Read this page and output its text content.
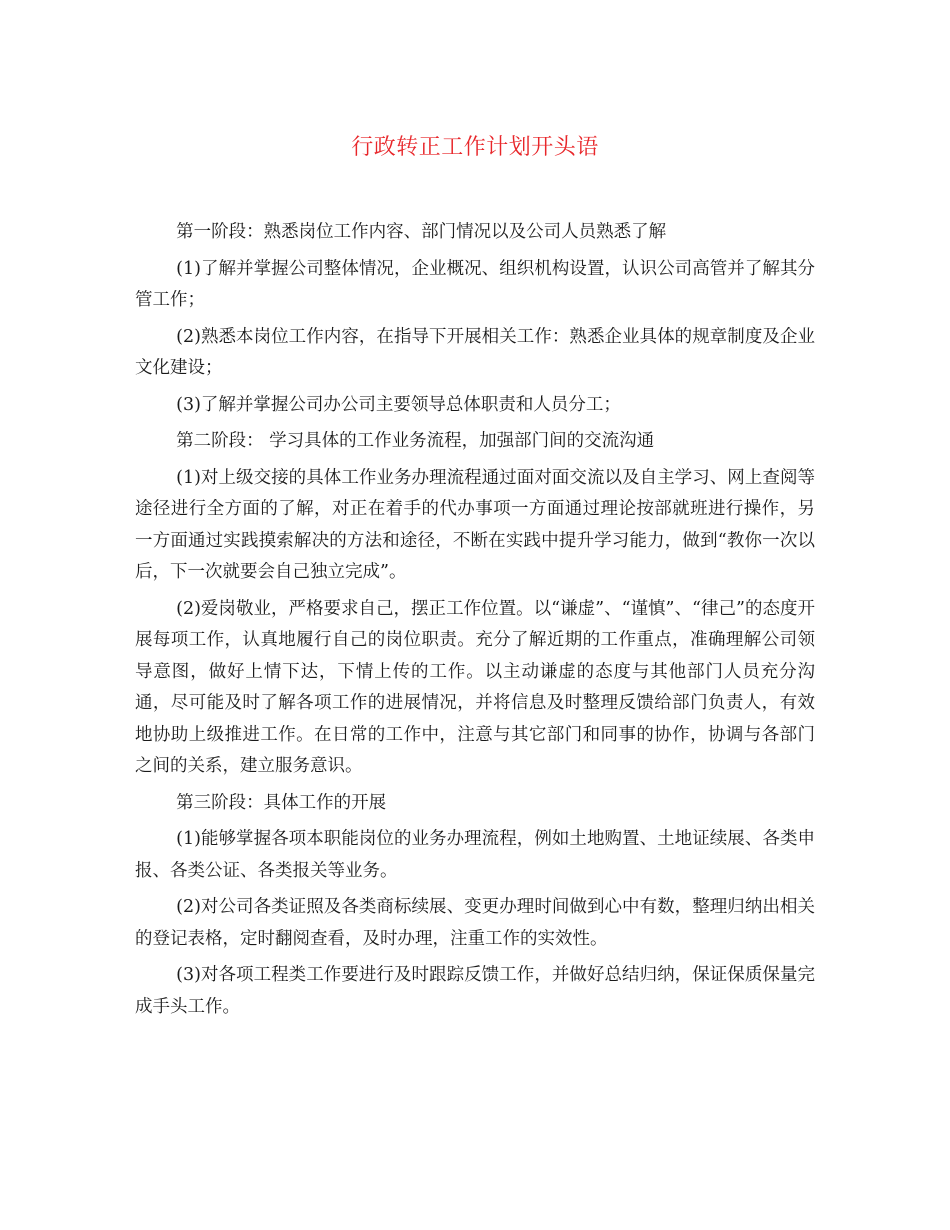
行政转正工作计划开头语

第一阶段：熟悉岗位工作内容、部门情况以及公司人员熟悉了解

(1)了解并掌握公司整体情况，企业概况、组织机构设置，认识公司高管并了解其分管工作；

(2)熟悉本岗位工作内容，在指导下开展相关工作：熟悉企业具体的规章制度及企业文化建设；

(3)了解并掌握公司办公司主要领导总体职责和人员分工；

第二阶段： 学习具体的工作业务流程，加强部门间的交流沟通

(1)对上级交接的具体工作业务办理流程通过面对面交流以及自主学习、网上查阅等途径进行全方面的了解，对正在着手的代办事项一方面通过理论按部就班进行操作，另一方面通过实践摸索解决的方法和途径，不断在实践中提升学习能力，做到“教你一次以后，下一次就要会自己独立完成”。

(2)爱岗敬业，严格要求自己，摆正工作位置。以“谦虚”、“谨慎”、“律己”的态度开展每项工作，认真地履行自己的岗位职责。充分了解近期的工作重点，准确理解公司领导意图，做好上情下达，下情上传的工作。以主动谦虚的态度与其他部门人员充分沟通，尽可能及时了解各项工作的进展情况，并将信息及时整理反馈给部门负责人，有效地协助上级推进工作。在日常的工作中，注意与其它部门和同事的协作，协调与各部门之间的关系，建立服务意识。

第三阶段：具体工作的开展

(1)能够掌握各项本职能岗位的业务办理流程，例如土地购置、土地证续展、各类申报、各类公证、各类报关等业务。

(2)对公司各类证照及各类商标续展、变更办理时间做到心中有数，整理归纳出相关的登记表格，定时翻阅查看，及时办理，注重工作的实效性。

(3)对各项工程类工作要进行及时跟踪反馈工作，并做好总结归纳，保证保质保量完成手头工作。
